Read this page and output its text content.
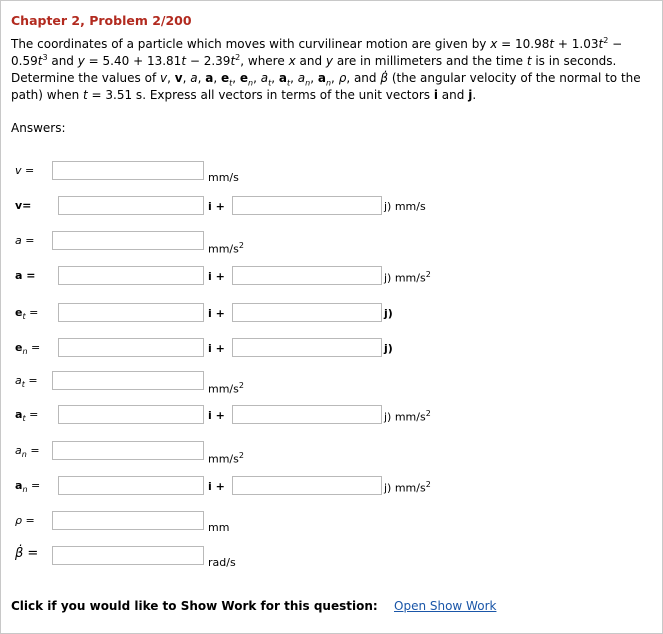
Chapter 2, Problem 2/200
The coordinates of a particle which moves with curvilinear motion are given by $x = 10.98t + 1.03t^2 - 0.59t^3$ and $y = 5.40 + 13.81t - 2.39t^2$, where x and y are in millimeters and the time t is in seconds. Determine the values of v, v, a, a, $e_t$, $e_n$, $a_t$, $a_t$, $a_n$, $a_n$, ρ, and β̇ (the angular velocity of the normal to the path) when t = 3.51 s. Express all vectors in terms of the unit vectors i and j.
Answers:
v =
mm/s
v=	i +	j) mm/s
a =
$mm/s^2$
a =	i +	j) $mm/s^2$
$e_t$ =	i +	j)
$e_n$ =	i +	j)
$a_t$ =
$mm/s^2$
$a_t$ =	i +	j) $mm/s^2$
$a_n$ =
$mm/s^2$
$a_n$ =	i +	j) $mm/s^2$
ρ =
mm
β̇ =
rad/s
Click if you would like to Show Work for this question: Open Show Work
